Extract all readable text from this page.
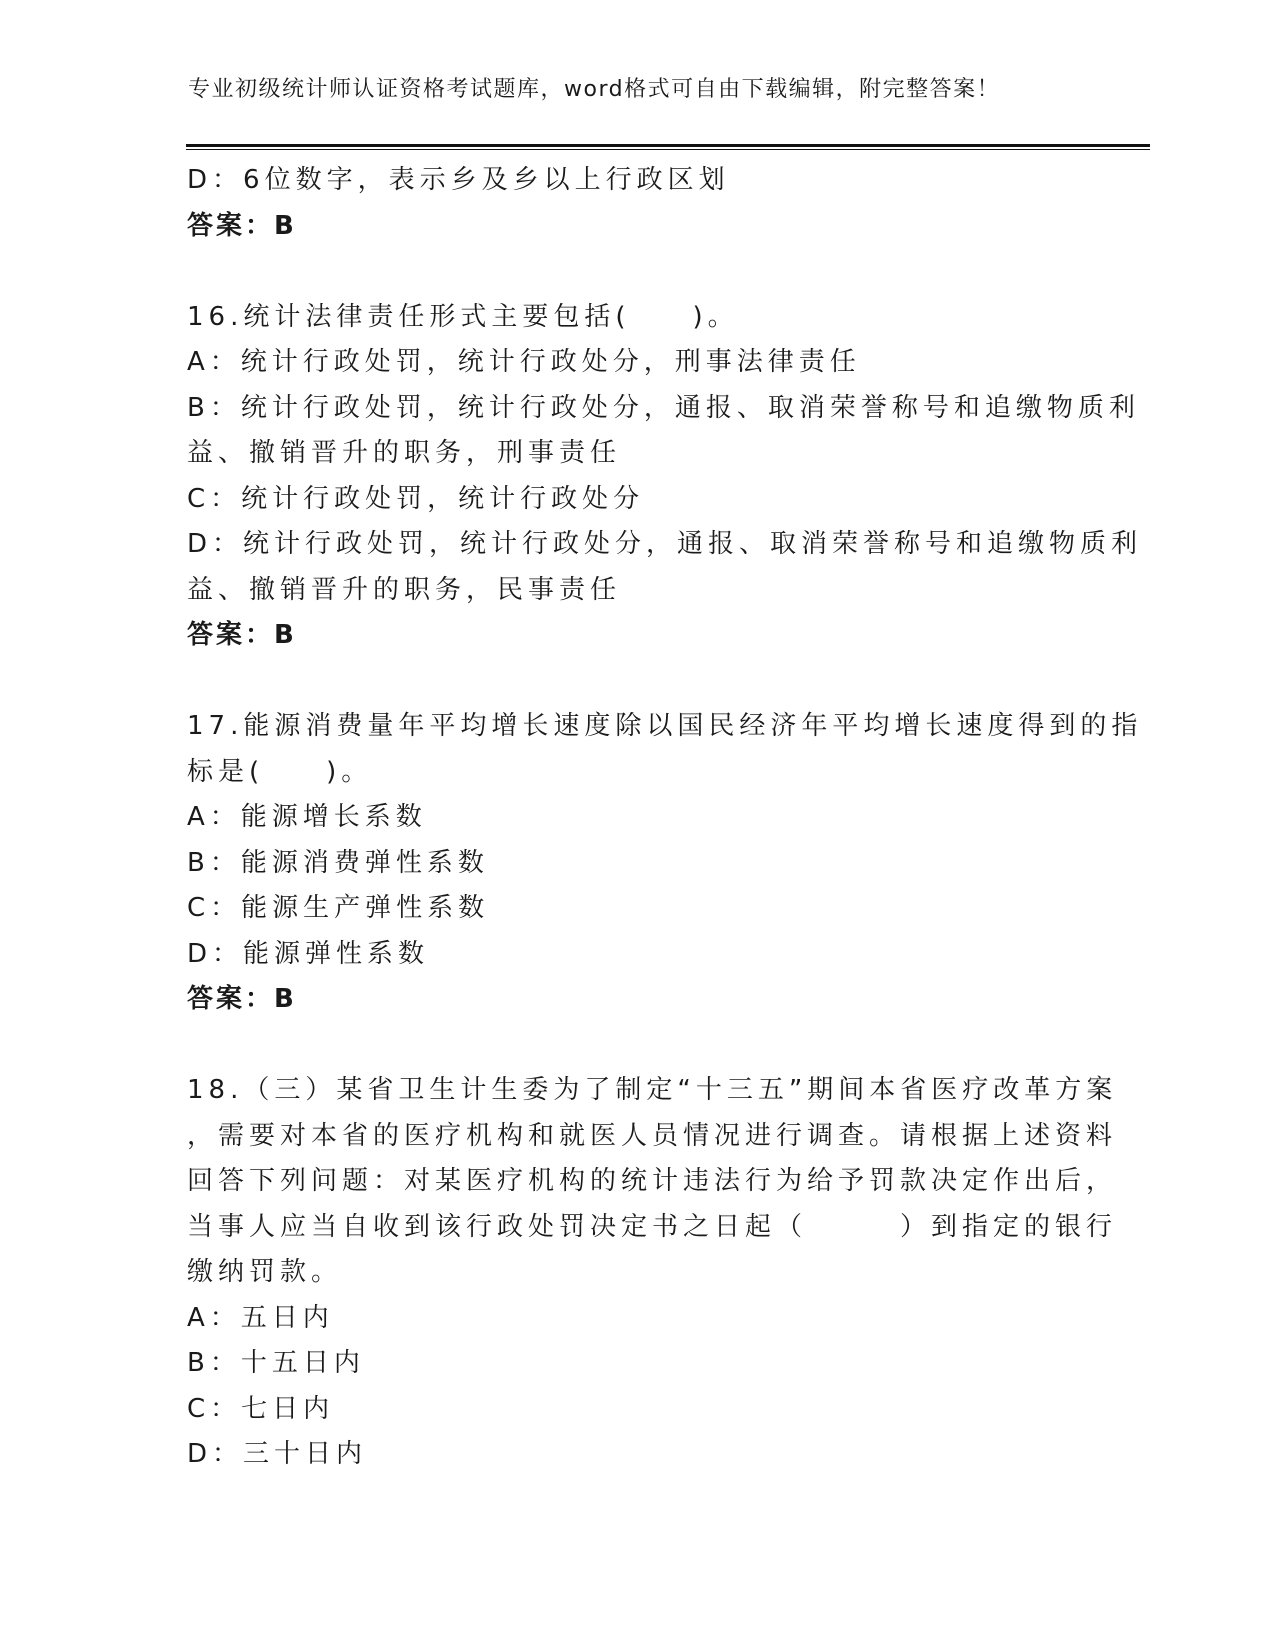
专业初级统计师认证资格考试题库，word格式可自由下载编辑，附完整答案！
D：6位数字，表示乡及乡以上行政区划
答案：B
16.统计法律责任形式主要包括(　　)。
A：统计行政处罚，统计行政处分，刑事法律责任
B：统计行政处罚，统计行政处分，通报、取消荣誉称号和追缴物质利
益、撤销晋升的职务，刑事责任
C：统计行政处罚，统计行政处分
D：统计行政处罚，统计行政处分，通报、取消荣誉称号和追缴物质利
益、撤销晋升的职务，民事责任
答案：B
17.能源消费量年平均增长速度除以国民经济年平均增长速度得到的指
标是(　　)。
A：能源增长系数
B：能源消费弹性系数
C：能源生产弹性系数
D：能源弹性系数
答案：B
18.（三）某省卫生计生委为了制定“十三五”期间本省医疗改革方案
，需要对本省的医疗机构和就医人员情况进行调查。请根据上述资料
回答下列问题：对某医疗机构的统计违法行为给予罚款决定作出后，
当事人应当自收到该行政处罚决定书之日起（　　　）到指定的银行
缴纳罚款。
A：五日内
B：十五日内
C：七日内
D：三十日内
